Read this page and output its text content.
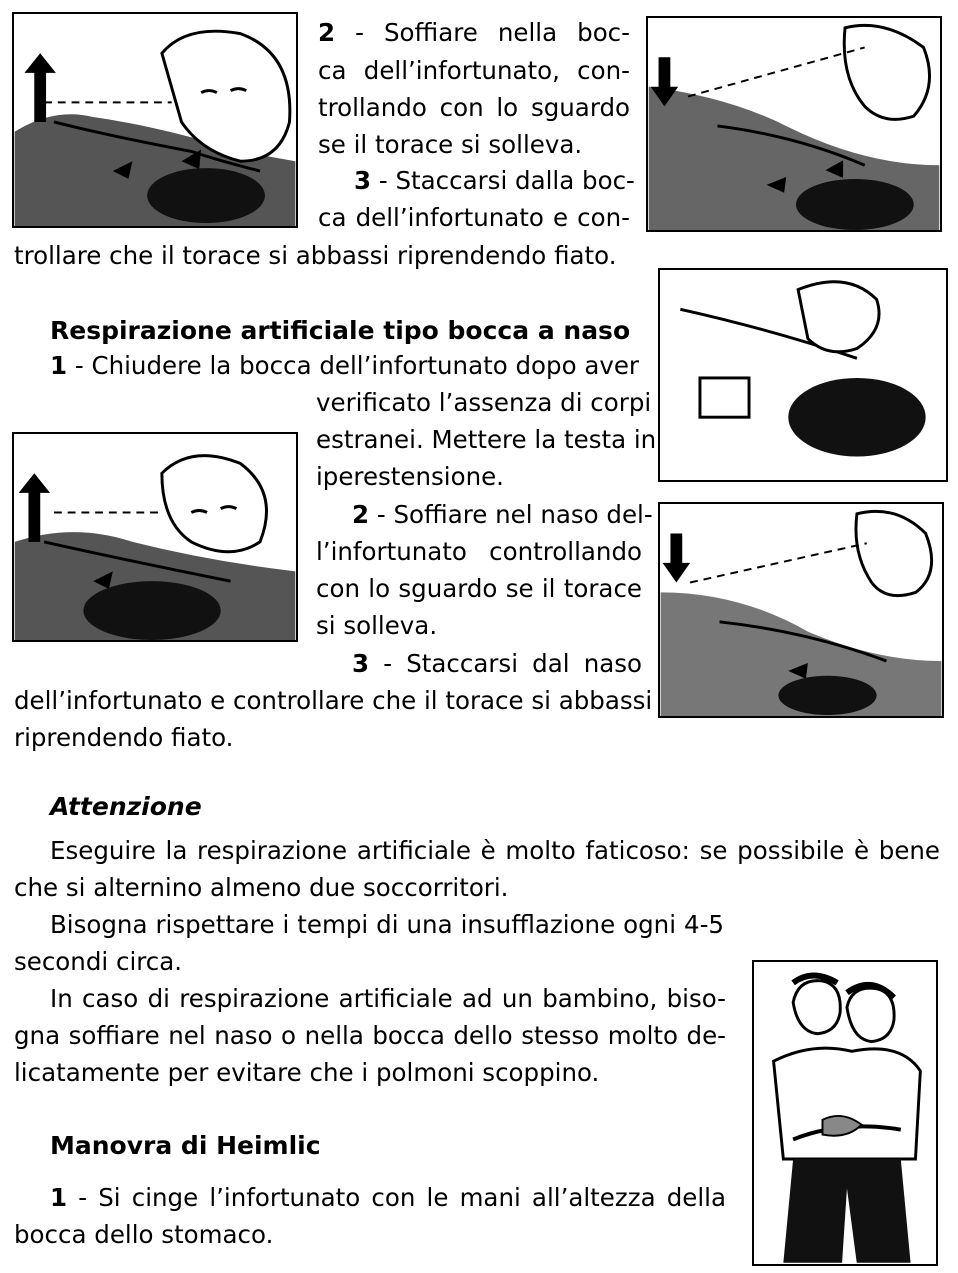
2 - Soffiare nella boc-
ca dell’infortunato, con-
trollando con lo sguardo
se il torace si solleva.
3 - Staccarsi dalla boc-
ca dell’infortunato e con-
trollare che il torace si abbassi riprendendo fiato.
Respirazione artificiale tipo bocca a naso
1 - Chiudere la bocca dell’infortunato dopo aver
verificato l’assenza di corpi
estranei. Mettere la testa in
iperestensione.
2 - Soffiare nel naso del-
l’infortunato controllando
con lo sguardo se il torace
si solleva.
3 - Staccarsi dal naso
dell’infortunato e controllare che il torace si abbassi
riprendendo fiato.
Attenzione
Eseguire la respirazione artificiale è molto faticoso: se possibile è bene
che si alternino almeno due soccorritori.
Bisogna rispettare i tempi di una insufflazione ogni 4-5
secondi circa.
In caso di respirazione artificiale ad un bambino, biso-
gna soffiare nel naso o nella bocca dello stesso molto de-
licatamente per evitare che i polmoni scoppino.
Manovra di Heimlic
1 - Si cinge l’infortunato con le mani all’altezza della
bocca dello stomaco.
